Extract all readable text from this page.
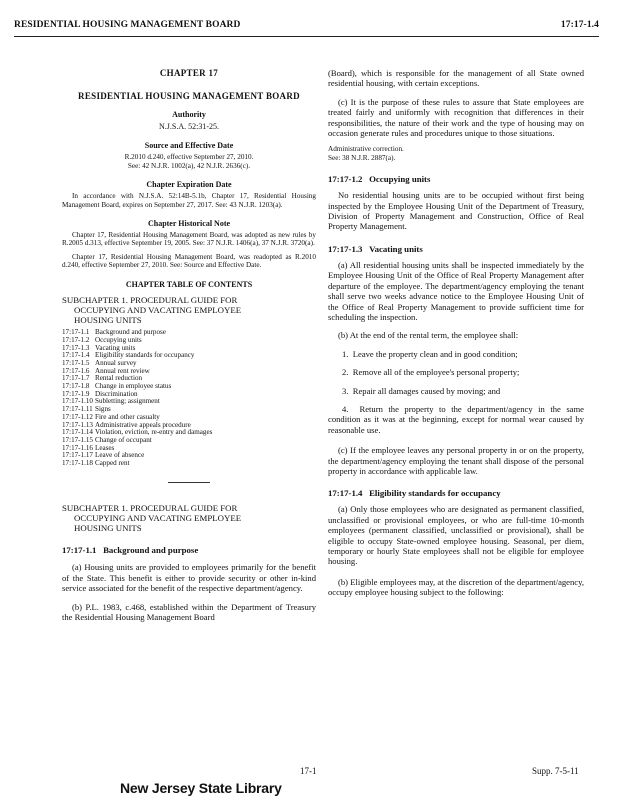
RESIDENTIAL HOUSING MANAGEMENT BOARD	17:17-1.4
CHAPTER 17
RESIDENTIAL HOUSING MANAGEMENT BOARD
Authority
N.J.S.A. 52:31-25.
Source and Effective Date
R.2010 d.240, effective September 27, 2010.
See: 42 N.J.R. 1002(a), 42 N.J.R. 2636(c).
Chapter Expiration Date

In accordance with N.J.S.A. 52:14B-5.1b, Chapter 17, Residential Housing Management Board, expires on September 27, 2017. See: 43 N.J.R. 1203(a).

Chapter Historical Note

Chapter 17, Residential Housing Management Board, was adopted as new rules by R.2005 d.313, effective September 19, 2005. See: 37 N.J.R. 1406(a), 37 N.J.R. 3720(a).

Chapter 17, Residential Housing Management Board, was readopted as R.2010 d.240, effective September 27, 2010. See: Source and Effective Date.

CHAPTER TABLE OF CONTENTS
SUBCHAPTER 1. PROCEDURAL GUIDE FOR
OCCUPYING AND VACATING EMPLOYEE
HOUSING UNITS
17:17-1.1 Background and purpose
17:17-1.2 Occupying units
17:17-1.3 Vacating units
17:17-1.4 Eligibility standards for occupancy
17:17-1.5 Annual survey
17:17-1.6 Annual rent review
17:17-1.7 Rental reduction
17:17-1.8 Change in employee status
17:17-1.9 Discrimination
17:17-1.10 Subletting; assignment
17:17-1.11 Signs
17:17-1.12 Fire and other casualty
17:17-1.13 Administrative appeals procedure
17:17-1.14 Violation, eviction, re-entry and damages
17:17-1.15 Change of occupant
17:17-1.16 Leases
17:17-1.17 Leave of absence
17:17-1.18 Capped rent
SUBCHAPTER 1. PROCEDURAL GUIDE FOR
OCCUPYING AND VACATING EMPLOYEE
HOUSING UNITS
17:17-1.1 Background and purpose

(a) Housing units are provided to employees primarily for the benefit of the State. This benefit is either to provide security or other in-kind service associated for the benefit of the respective department/agency.

(b) P.L. 1983, c.468, established within the Department of Treasury the Residential Housing Management Board

(Board), which is responsible for the management of all State owned residential housing, with certain exceptions.

(c) It is the purpose of these rules to assure that State employees are treated fairly and uniformly with recognition that differences in their responsibilities, the nature of their work and the type of housing may on occasion generate rules and procedures unique to those situations.

Administrative correction.
See: 38 N.J.R. 2887(a).
17:17-1.2 Occupying units

No residential housing units are to be occupied without first being inspected by the Employee Housing Unit of the Department of Treasury, Division of Property Management and Construction, Office of Real Property Management.

17:17-1.3 Vacating units

(a) All residential housing units shall be inspected immediately by the Employee Housing Unit of the Office of Real Property Management after departure of the employee. The department/agency employing the tenant shall serve two weeks advance notice to the Employee Housing Unit of the Office of Real Property Management to provide sufficient time for scheduling the inspection.

(b) At the end of the rental term, the employee shall:

1. Leave the property clean and in good condition;

2. Remove all of the employee's personal property;

3. Repair all damages caused by moving; and

4. Return the property to the department/agency in the same condition as it was at the beginning, except for normal wear caused by reasonable use.

(c) If the employee leaves any personal property in or on the property, the department/agency employing the tenant shall dispose of the personal property in accordance with applicable law.

17:17-1.4 Eligibility standards for occupancy

(a) Only those employees who are designated as permanent classified, unclassified or provisional employees, or who are full-time 10-month employees (permanent classified, unclassified or provisional), shall be eligible to occupy State-owned employee housing. Seasonal, per diem, temporary or hourly State employees shall not be eligible for employee housing.

(b) Eligible employees may, at the discretion of the department/agency, occupy employee housing subject to the following:

17-1	Supp. 7-5-11
New Jersey State Library
